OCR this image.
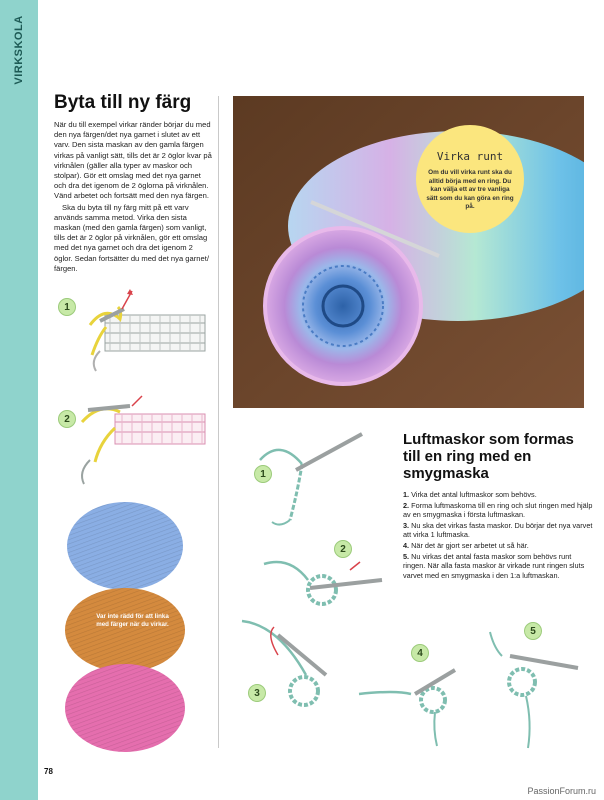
VIRKSKOLA
Byta till ny färg

När du till exempel virkar ränder börjar du med den nya färgen/det nya garnet i slutet av ett varv. Den sista maskan av den gamla färgen virkas på vanligt sätt, tills det är 2 öglor kvar på virknålen (gäller alla typer av maskor och stolpar). Gör ett omslag med det nya garnet och dra det igenom de 2 öglorna på virknålen. Vänd arbetet och fortsätt med den nya färgen.

Ska du byta till ny färg mitt på ett varv används samma metod. Virka den sista maskan (med den gamla färgen) som vanligt, tills det är 2 öglor på virknålen, gör ett omslag med det nya garnet och dra det igenom 2 öglor. Sedan fortsätter du med det nya garnet/ färgen.

1
2
Var inte rädd för att linka med färger när du virkar.
Virka runt
Om du vill virka runt ska du alltid börja med en ring. Du kan välja ett av tre vanliga sätt som du kan göra en ring på.
Luftmaskor som formas till en ring med en smygmaska
1. Virka det antal luftmaskor som behövs.
2. Forma luftmaskorna till en ring och slut ringen med hjälp av en smygmaska i första luftmaskan.
3. Nu ska det virkas fasta maskor. Du börjar det nya varvet att virka 1 luftmaska.
4. När det är gjort ser arbetet ut så här.
5. Nu virkas det antal fasta maskor som behövs runt ringen. När alla fasta maskor är virkade runt ringen sluts varvet med en smygmaska i den 1:a luftmaskan.
1
2
3
4
5
78
PassionForum.ru
